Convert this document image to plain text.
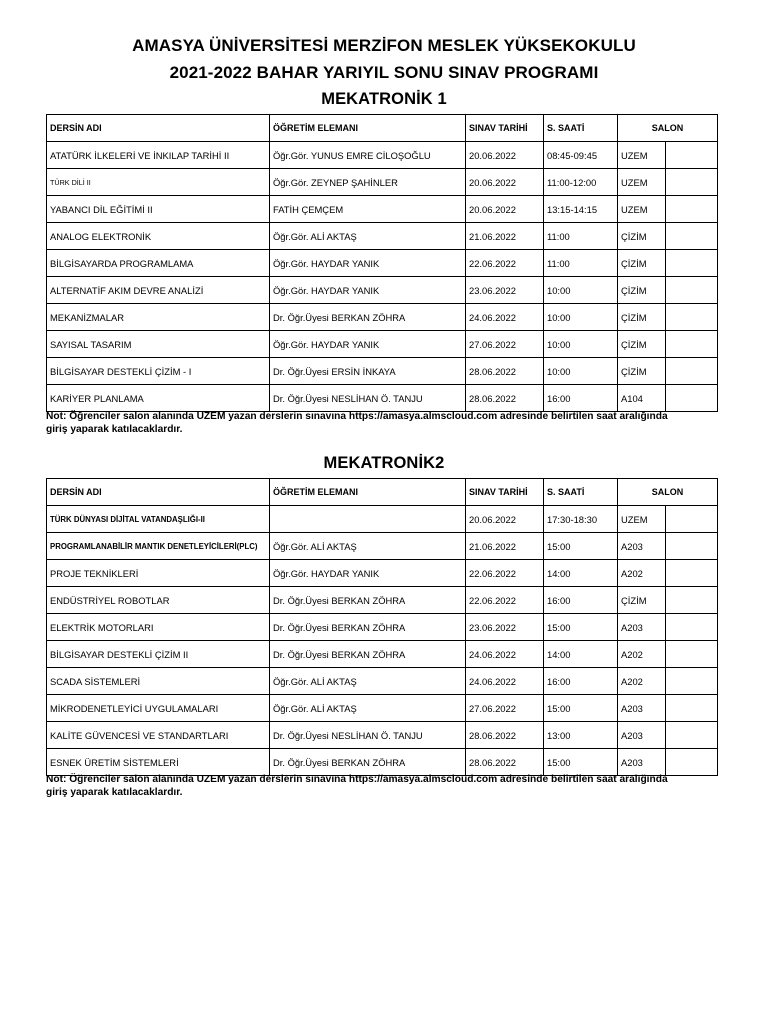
AMASYA ÜNİVERSİTESİ MERZİFON MESLEK YÜKSEKOKULU
2021-2022 BAHAR YARIYIL SONU SINAV PROGRAMI
MEKATRONİK 1
DERSİN ADI	ÖĞRETİM ELEMANI	SINAV TARİHİ	S. SAATİ	SALON	
ATATÜRK İLKELERİ VE İNKILAP TARİHİ II	Öğr.Gör. YUNUS EMRE CİLOŞOĞLU	20.06.2022	08:45-09:45	UZEM	
TÜRK DİLİ II	Öğr.Gör. ZEYNEP ŞAHİNLER	20.06.2022	11:00-12:00	UZEM	
YABANCI DİL EĞİTİMİ II	FATİH ÇEMÇEM	20.06.2022	13:15-14:15	UZEM	
ANALOG ELEKTRONİK	Öğr.Gör. ALİ AKTAŞ	21.06.2022	11:00	ÇİZİM	
BİLGİSAYARDA PROGRAMLAMA	Öğr.Gör. HAYDAR YANIK	22.06.2022	11:00	ÇİZİM	
ALTERNATİF AKIM DEVRE ANALİZİ	Öğr.Gör. HAYDAR YANIK	23.06.2022	10:00	ÇİZİM	
MEKANİZMALAR	Dr. Öğr.Üyesi BERKAN ZÖHRA	24.06.2022	10:00	ÇİZİM	
SAYISAL TASARIM	Öğr.Gör. HAYDAR YANIK	27.06.2022	10:00	ÇİZİM	
BİLGİSAYAR DESTEKLİ ÇİZİM - I	Dr. Öğr.Üyesi ERSİN İNKAYA	28.06.2022	10:00	ÇİZİM	
KARİYER PLANLAMA	Dr. Öğr.Üyesi NESLİHAN Ö. TANJU	28.06.2022	16:00	A104	
Not: Öğrenciler salon alanında UZEM yazan derslerin sınavına https://amasya.almscloud.com adresinde belirtilen saat aralığında
giriş yaparak katılacaklardır.
MEKATRONİK2
DERSİN ADI	ÖĞRETİM ELEMANI	SINAV TARİHİ	S. SAATİ	SALON	
TÜRK DÜNYASI DİJİTAL VATANDAŞLIĞI-II		20.06.2022	17:30-18:30	UZEM	
PROGRAMLANABİLİR MANTIK DENETLEYİCİLERİ(PLC)	Öğr.Gör. ALİ AKTAŞ	21.06.2022	15:00	A203	
PROJE TEKNİKLERİ	Öğr.Gör. HAYDAR YANIK	22.06.2022	14:00	A202	
ENDÜSTRİYEL ROBOTLAR	Dr. Öğr.Üyesi BERKAN ZÖHRA	22.06.2022	16:00	ÇİZİM	
ELEKTRİK MOTORLARI	Dr. Öğr.Üyesi BERKAN ZÖHRA	23.06.2022	15:00	A203	
BİLGİSAYAR DESTEKLİ ÇİZİM II	Dr. Öğr.Üyesi BERKAN ZÖHRA	24.06.2022	14:00	A202	
SCADA SİSTEMLERİ	Öğr.Gör. ALİ AKTAŞ	24.06.2022	16:00	A202	
MİKRODENETLEYİCİ UYGULAMALARI	Öğr.Gör. ALİ AKTAŞ	27.06.2022	15:00	A203	
KALİTE GÜVENCESİ VE STANDARTLARI	Dr. Öğr.Üyesi NESLİHAN Ö. TANJU	28.06.2022	13:00	A203	
ESNEK ÜRETİM SİSTEMLERİ	Dr. Öğr.Üyesi BERKAN ZÖHRA	28.06.2022	15:00	A203	
Not: Öğrenciler salon alanında UZEM yazan derslerin sınavına https://amasya.almscloud.com adresinde belirtilen saat aralığında
giriş yaparak katılacaklardır.
